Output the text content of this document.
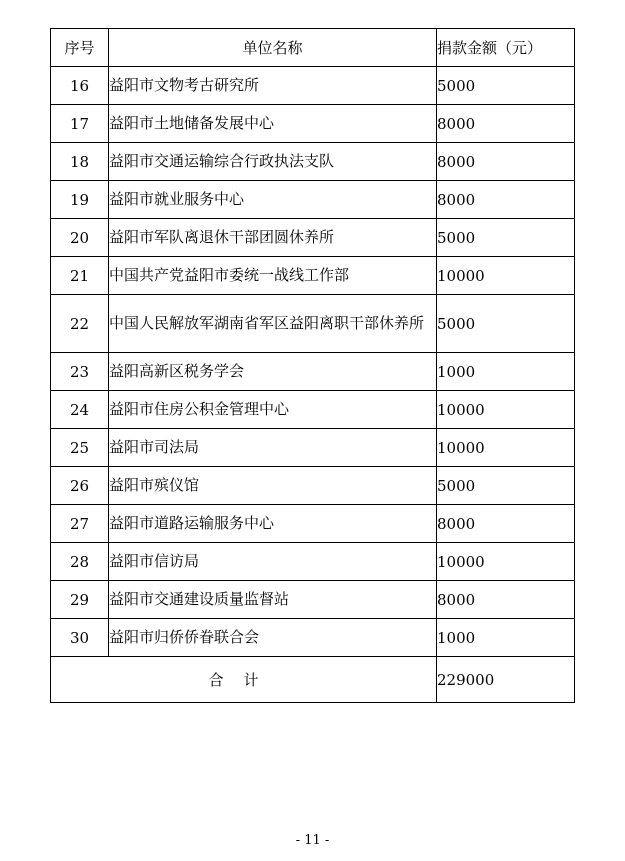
序号	单位名称	捐款金额（元）
16	益阳市文物考古研究所	5000
17	益阳市土地储备发展中心	8000
18	益阳市交通运输综合行政执法支队	8000
19	益阳市就业服务中心	8000
20	益阳市军队离退休干部团圆休养所	5000
21	中国共产党益阳市委统一战线工作部	10000
22	中国人民解放军湖南省军区益阳离职干部休养所	5000
23	益阳高新区税务学会	1000
24	益阳市住房公积金管理中心	10000
25	益阳市司法局	10000
26	益阳市殡仪馆	5000
27	益阳市道路运输服务中心	8000
28	益阳市信访局	10000
29	益阳市交通建设质量监督站	8000
30	益阳市归侨侨眷联合会	1000
合计		229000
- 11 -
